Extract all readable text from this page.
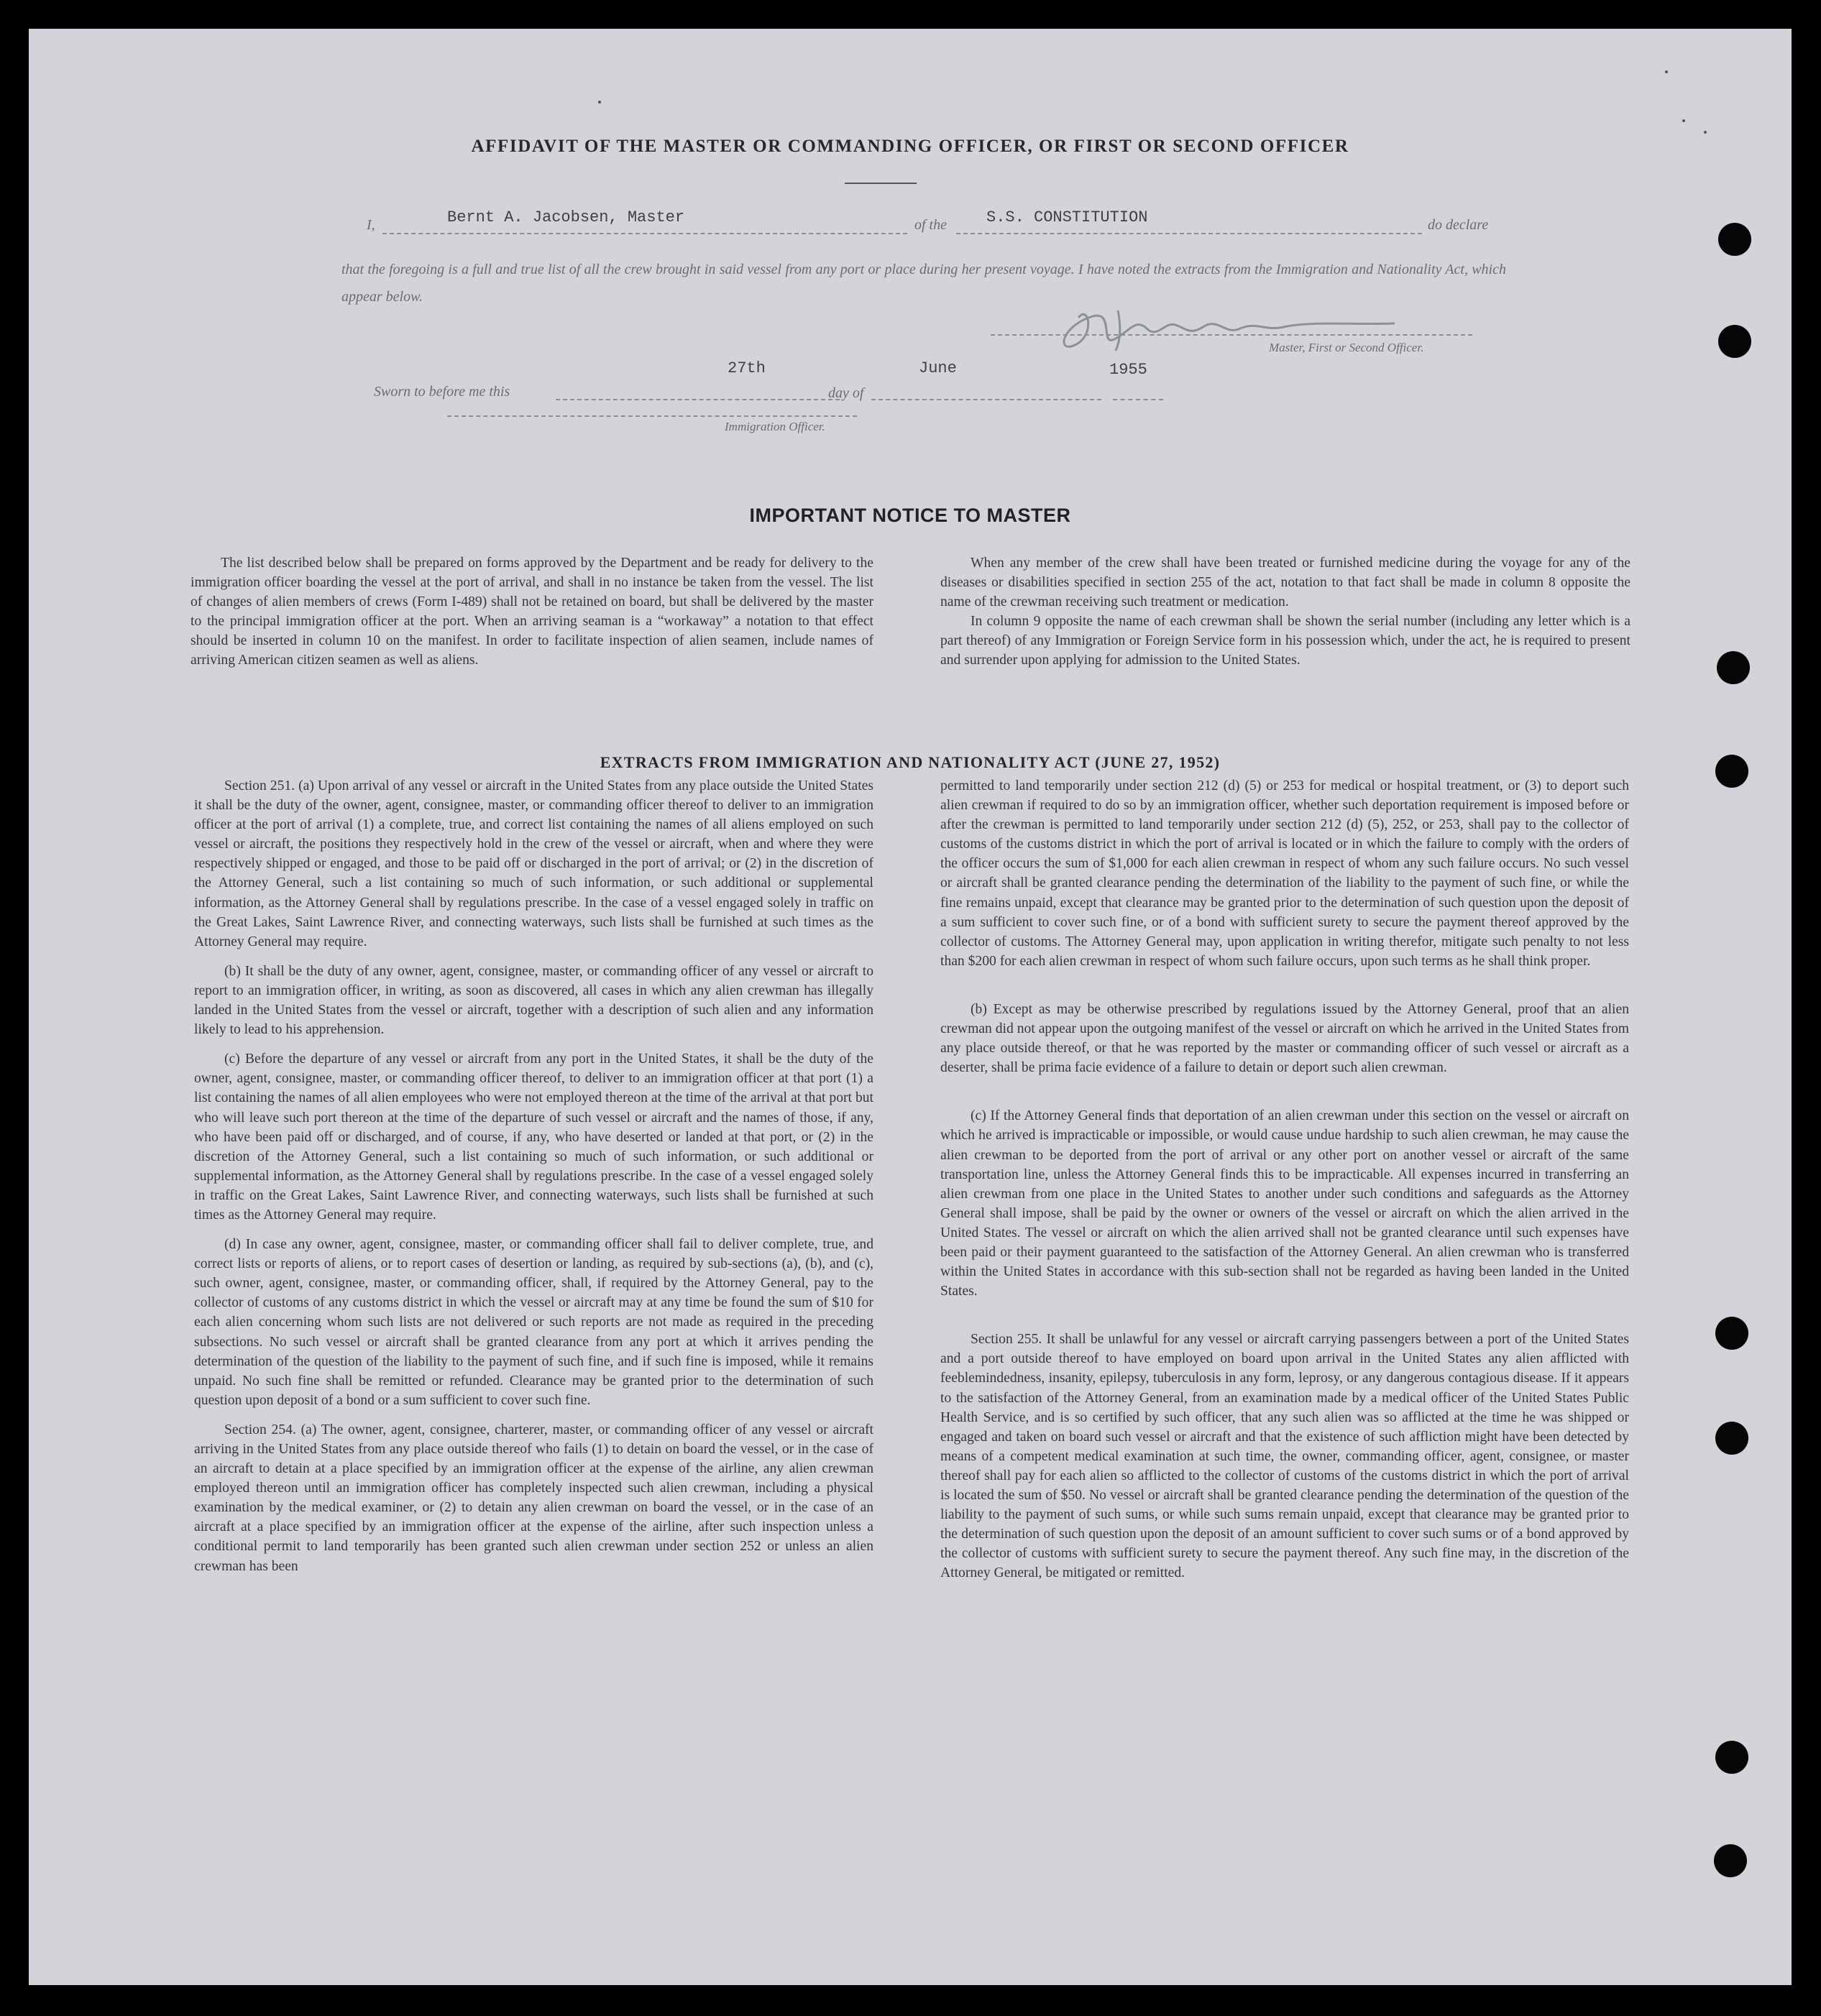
AFFIDAVIT OF THE MASTER OR COMMANDING OFFICER, OR FIRST OR SECOND OFFICER
I,	Bernt A. Jacobsen, Master	of the	S.S. CONSTITUTION	do declare
that the foregoing is a full and true list of all the crew brought in said vessel from any port or place during her present voyage. I have noted the extracts from the Immigration and Nationality Act, which appear below.
Master, First or Second Officer.
Sworn to before me this
27th
day of
June	1955
Immigration Officer.
IMPORTANT NOTICE TO MASTER

The list described below shall be prepared on forms approved by the Department and be ready for delivery to the immigration officer boarding the vessel at the port of arrival, and shall in no instance be taken from the vessel. The list of changes of alien members of crews (Form I-489) shall not be retained on board, but shall be delivered by the master to the principal immigration officer at the port. When an arriving seaman is a “workaway” a notation to that effect should be inserted in column 10 on the manifest. In order to facilitate inspection of alien seamen, include names of arriving American citizen seamen as well as aliens.

When any member of the crew shall have been treated or furnished medicine during the voyage for any of the diseases or disabilities specified in section 255 of the act, notation to that fact shall be made in column 8 opposite the name of the crewman receiving such treatment or medication.

In column 9 opposite the name of each crewman shall be shown the serial number (including any letter which is a part thereof) of any Immigration or Foreign Service form in his possession which, under the act, he is required to present and surrender upon applying for admission to the United States.

EXTRACTS FROM IMMIGRATION AND NATIONALITY ACT (JUNE 27, 1952)

Section 251. (a) Upon arrival of any vessel or aircraft in the United States from any place outside the United States it shall be the duty of the owner, agent, consignee, master, or commanding officer thereof to deliver to an immigration officer at the port of arrival (1) a complete, true, and correct list containing the names of all aliens employed on such vessel or aircraft, the positions they respectively hold in the crew of the vessel or aircraft, when and where they were respectively shipped or engaged, and those to be paid off or discharged in the port of arrival; or (2) in the discretion of the Attorney General, such a list containing so much of such information, or such additional or supplemental information, as the Attorney General shall by regulations prescribe. In the case of a vessel engaged solely in traffic on the Great Lakes, Saint Lawrence River, and connecting waterways, such lists shall be furnished at such times as the Attorney General may require.

(b) It shall be the duty of any owner, agent, consignee, master, or commanding officer of any vessel or aircraft to report to an immigration officer, in writing, as soon as discovered, all cases in which any alien crewman has illegally landed in the United States from the vessel or aircraft, together with a description of such alien and any information likely to lead to his apprehension.

(c) Before the departure of any vessel or aircraft from any port in the United States, it shall be the duty of the owner, agent, consignee, master, or commanding officer thereof, to deliver to an immigration officer at that port (1) a list containing the names of all alien employees who were not employed thereon at the time of the arrival at that port but who will leave such port thereon at the time of the departure of such vessel or aircraft and the names of those, if any, who have been paid off or discharged, and of course, if any, who have deserted or landed at that port, or (2) in the discretion of the Attorney General, such a list containing so much of such information, or such additional or supplemental information, as the Attorney General shall by regulations prescribe. In the case of a vessel engaged solely in traffic on the Great Lakes, Saint Lawrence River, and connecting waterways, such lists shall be furnished at such times as the Attorney General may require.

(d) In case any owner, agent, consignee, master, or commanding officer shall fail to deliver complete, true, and correct lists or reports of aliens, or to report cases of desertion or landing, as required by sub-sections (a), (b), and (c), such owner, agent, consignee, master, or commanding officer, shall, if required by the Attorney General, pay to the collector of customs of any customs district in which the vessel or aircraft may at any time be found the sum of $10 for each alien concerning whom such lists are not delivered or such reports are not made as required in the preceding subsections. No such vessel or aircraft shall be granted clearance from any port at which it arrives pending the determination of the question of the liability to the payment of such fine, and if such fine is imposed, while it remains unpaid. No such fine shall be remitted or refunded. Clearance may be granted prior to the determination of such question upon deposit of a bond or a sum sufficient to cover such fine.

Section 254. (a) The owner, agent, consignee, charterer, master, or commanding officer of any vessel or aircraft arriving in the United States from any place outside thereof who fails (1) to detain on board the vessel, or in the case of an aircraft to detain at a place specified by an immigration officer at the expense of the airline, any alien crewman employed thereon until an immigration officer has completely inspected such alien crewman, including a physical examination by the medical examiner, or (2) to detain any alien crewman on board the vessel, or in the case of an aircraft at a place specified by an immigration officer at the expense of the airline, after such inspection unless a conditional permit to land temporarily has been granted such alien crewman under section 252 or unless an alien crewman has been

permitted to land temporarily under section 212 (d) (5) or 253 for medical or hospital treatment, or (3) to deport such alien crewman if required to do so by an immigration officer, whether such deportation requirement is imposed before or after the crewman is permitted to land temporarily under section 212 (d) (5), 252, or 253, shall pay to the collector of customs of the customs district in which the port of arrival is located or in which the failure to comply with the orders of the officer occurs the sum of $1,000 for each alien crewman in respect of whom any such failure occurs. No such vessel or aircraft shall be granted clearance pending the determination of the liability to the payment of such fine, or while the fine remains unpaid, except that clearance may be granted prior to the determination of such question upon the deposit of a sum sufficient to cover such fine, or of a bond with sufficient surety to secure the payment thereof approved by the collector of customs. The Attorney General may, upon application in writing therefor, mitigate such penalty to not less than $200 for each alien crewman in respect of whom such failure occurs, upon such terms as he shall think proper.

(b) Except as may be otherwise prescribed by regulations issued by the Attorney General, proof that an alien crewman did not appear upon the outgoing manifest of the vessel or aircraft on which he arrived in the United States from any place outside thereof, or that he was reported by the master or commanding officer of such vessel or aircraft as a deserter, shall be prima facie evidence of a failure to detain or deport such alien crewman.

(c) If the Attorney General finds that deportation of an alien crewman under this section on the vessel or aircraft on which he arrived is impracticable or impossible, or would cause undue hardship to such alien crewman, he may cause the alien crewman to be deported from the port of arrival or any other port on another vessel or aircraft of the same transportation line, unless the Attorney General finds this to be impracticable. All expenses incurred in transferring an alien crewman from one place in the United States to another under such conditions and safeguards as the Attorney General shall impose, shall be paid by the owner or owners of the vessel or aircraft on which the alien arrived in the United States. The vessel or aircraft on which the alien arrived shall not be granted clearance until such expenses have been paid or their payment guaranteed to the satisfaction of the Attorney General. An alien crewman who is transferred within the United States in accordance with this sub-section shall not be regarded as having been landed in the United States.

Section 255. It shall be unlawful for any vessel or aircraft carrying passengers between a port of the United States and a port outside thereof to have employed on board upon arrival in the United States any alien afflicted with feeblemindedness, insanity, epilepsy, tuberculosis in any form, leprosy, or any dangerous contagious disease. If it appears to the satisfaction of the Attorney General, from an examination made by a medical officer of the United States Public Health Service, and is so certified by such officer, that any such alien was so afflicted at the time he was shipped or engaged and taken on board such vessel or aircraft and that the existence of such affliction might have been detected by means of a competent medical examination at such time, the owner, commanding officer, agent, consignee, or master thereof shall pay for each alien so afflicted to the collector of customs of the customs district in which the port of arrival is located the sum of $50. No vessel or aircraft shall be granted clearance pending the determination of the question of the liability to the payment of such sums, or while such sums remain unpaid, except that clearance may be granted prior to the determination of such question upon the deposit of an amount sufficient to cover such sums or of a bond approved by the collector of customs with sufficient surety to secure the payment thereof. Any such fine may, in the discretion of the Attorney General, be mitigated or remitted.
